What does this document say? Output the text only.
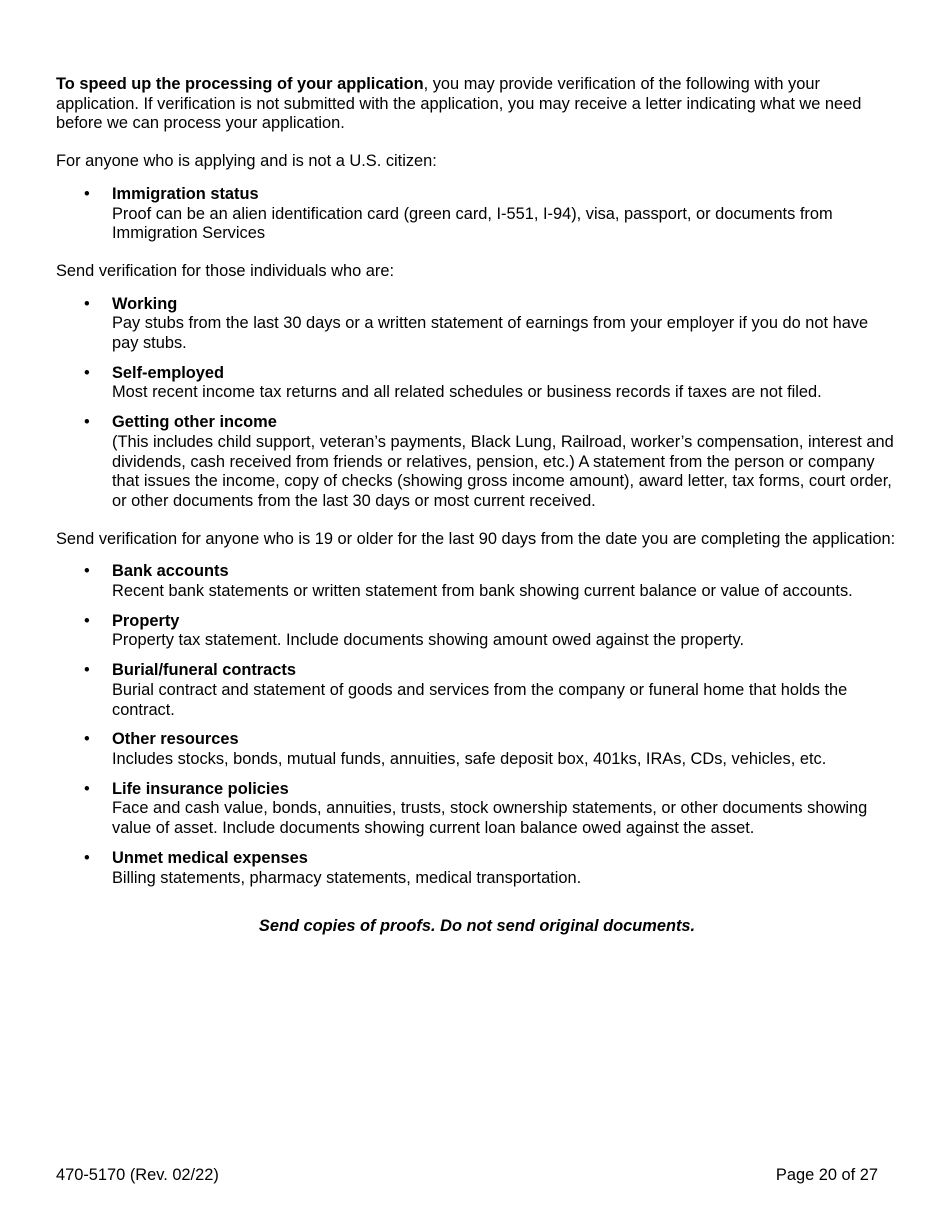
To speed up the processing of your application, you may provide verification of the following with your application. If verification is not submitted with the application, you may receive a letter indicating what we need before we can process your application.

For anyone who is applying and is not a U.S. citizen:

• Immigration status
Proof can be an alien identification card (green card, I-551, I-94), visa, passport, or documents from Immigration Services

Send verification for those individuals who are:

• Working
Pay stubs from the last 30 days or a written statement of earnings from your employer if you do not have pay stubs.
• Self-employed
Most recent income tax returns and all related schedules or business records if taxes are not filed.
• Getting other income
(This includes child support, veteran’s payments, Black Lung, Railroad, worker’s compensation, interest and dividends, cash received from friends or relatives, pension, etc.) A statement from the person or company that issues the income, copy of checks (showing gross income amount), award letter, tax forms, court order, or other documents from the last 30 days or most current received.

Send verification for anyone who is 19 or older for the last 90 days from the date you are completing the application:

• Bank accounts
Recent bank statements or written statement from bank showing current balance or value of accounts.
• Property
Property tax statement. Include documents showing amount owed against the property.
• Burial/funeral contracts
Burial contract and statement of goods and services from the company or funeral home that holds the contract.
• Other resources
Includes stocks, bonds, mutual funds, annuities, safe deposit box, 401ks, IRAs, CDs, vehicles, etc.
• Life insurance policies
Face and cash value, bonds, annuities, trusts, stock ownership statements, or other documents showing value of asset. Include documents showing current loan balance owed against the asset.
• Unmet medical expenses
Billing statements, pharmacy statements, medical transportation.

Send copies of proofs. Do not send original documents.

470-5170 (Rev. 02/22)	Page 20 of 27
